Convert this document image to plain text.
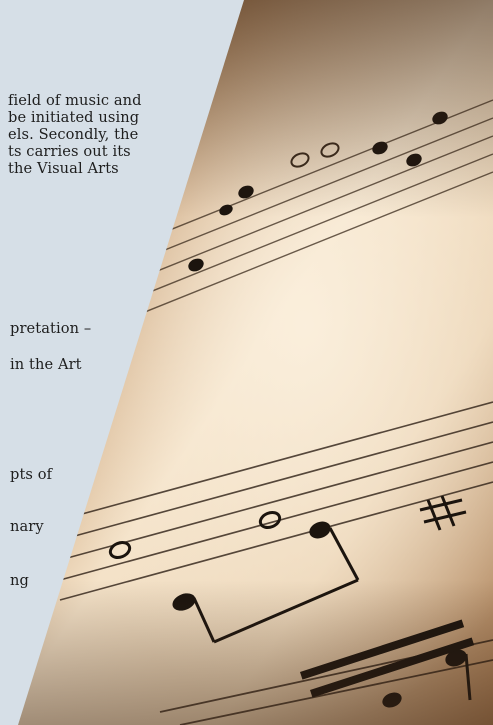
field of music and
be initiated using
els. Secondly, the
ts carries out its
the Visual Arts
pretation –
in the Art
pts of
nary
ng
